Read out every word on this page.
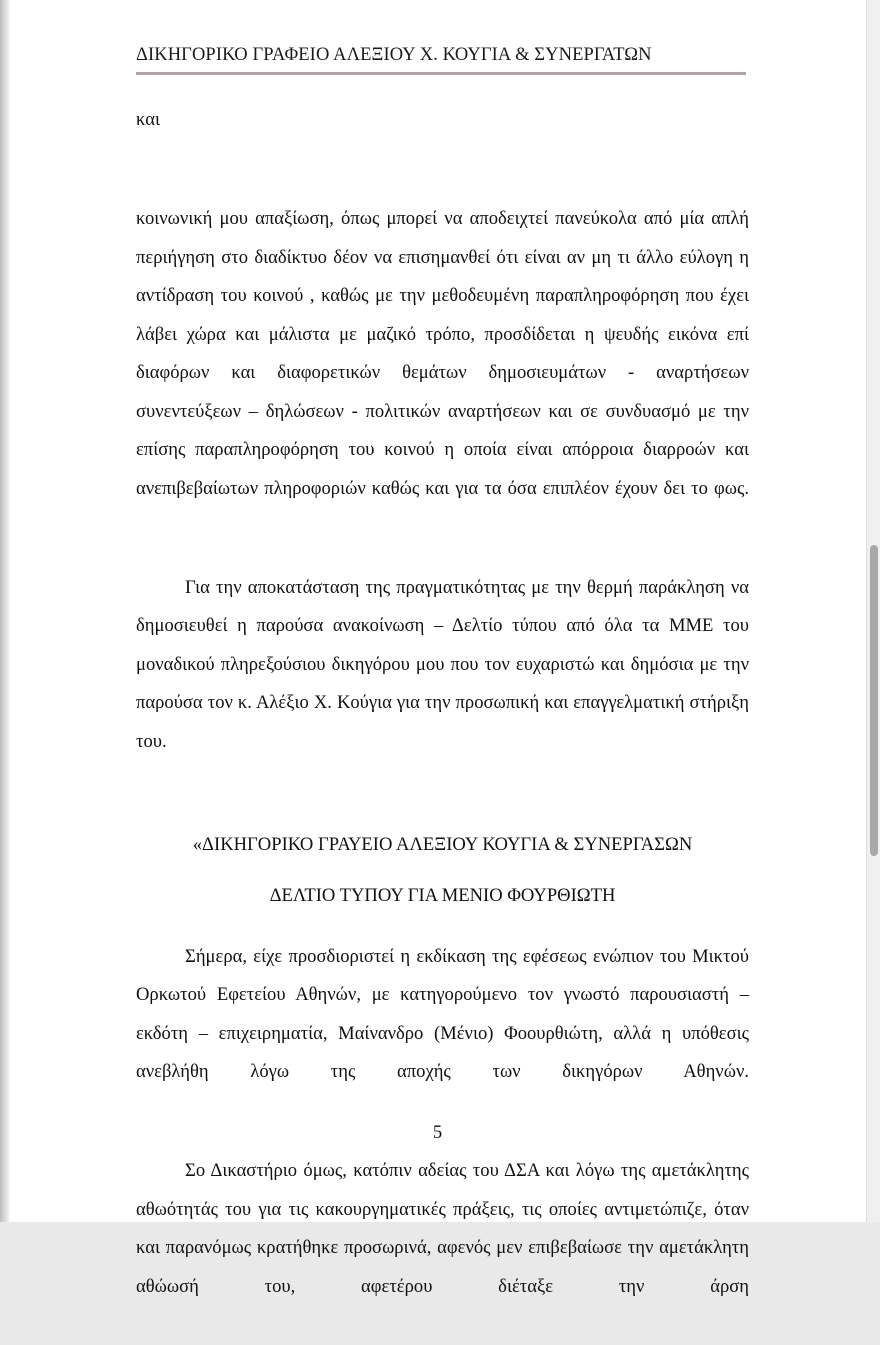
ΔΙΚΗΓΟΡΙΚΟ ΓΡΑΦΕΙΟ ΑΛΕΞΙΟΥ Χ. ΚΟΥΓΙΑ & ΣΥΝΕΡΓΑΤΩΝ

και

κοινωνική μου απαξίωση, όπως μπορεί να αποδειχτεί πανεύκολα από μία απλή περιήγηση στο διαδίκτυο δέον να επισημανθεί ότι είναι αν μη τι άλλο εύλογη η αντίδραση του κοινού , καθώς με την μεθοδευμένη παραπληροφόρηση που έχει λάβει χώρα και μάλιστα με μαζικό τρόπο, προσδίδεται η ψευδής εικόνα επί διαφόρων και διαφορετικών θεμάτων δημοσιευμάτων - αναρτήσεων συνεντεύξεων – δηλώσεων - πολιτικών αναρτήσεων και σε συνδυασμό με την επίσης παραπληροφόρηση του κοινού η οποία είναι απόρροια διαρροών και ανεπιβεβαίωτων πληροφοριών καθώς και για τα όσα επιπλέον έχουν δει το φως.

Για την αποκατάσταση της πραγματικότητας με την θερμή παράκληση να δημοσιευθεί η παρούσα ανακοίνωση – Δελτίο τύπου από όλα τα ΜΜΕ του μοναδικού πληρεξούσιου δικηγόρου μου που τον ευχαριστώ και δημόσια με την παρούσα τον κ. Αλέξιο Χ. Κούγια για την προσωπική και επαγγελματική στήριξη του.

«ΔΙΚΗΓΟΡΙΚΟ ΓΡΑΥΕΙΟ ΑΛΕΞΙΟΥ ΚΟΥΓΙΑ & ΣΥΝΕΡΓΑΣΩΝ

ΔΕΛΤΙΟ ΤΥΠΟΥ ΓΙΑ ΜΕΝΙΟ ΦΟΥΡΘΙΩΤΗ

Σήμερα, είχε προσδιοριστεί η εκδίκαση της εφέσεως ενώπιον του Μικτού Ορκωτού Εφετείου Αθηνών, με κατηγορούμενο τον γνωστό παρουσιαστή – εκδότη – επιχειρηματία, Μαίνανδρο (Μένιο) Φοουρθιώτη, αλλά η υπόθεσις ανεβλήθη λόγω της αποχής των δικηγόρων Αθηνών.

Σο Δικαστήριο όμως, κατόπιν αδείας του ΔΣΑ και λόγω της αμετάκλητης αθωότητάς του για τις κακουργηματικές πράξεις, τις οποίες αντιμετώπιζε, όταν και παρανόμως κρατήθηκε προσωρινά, αφενός μεν επιβεβαίωσε την αμετάκλητη αθώωσή του, αφετέρου διέταξε την άρση

5
